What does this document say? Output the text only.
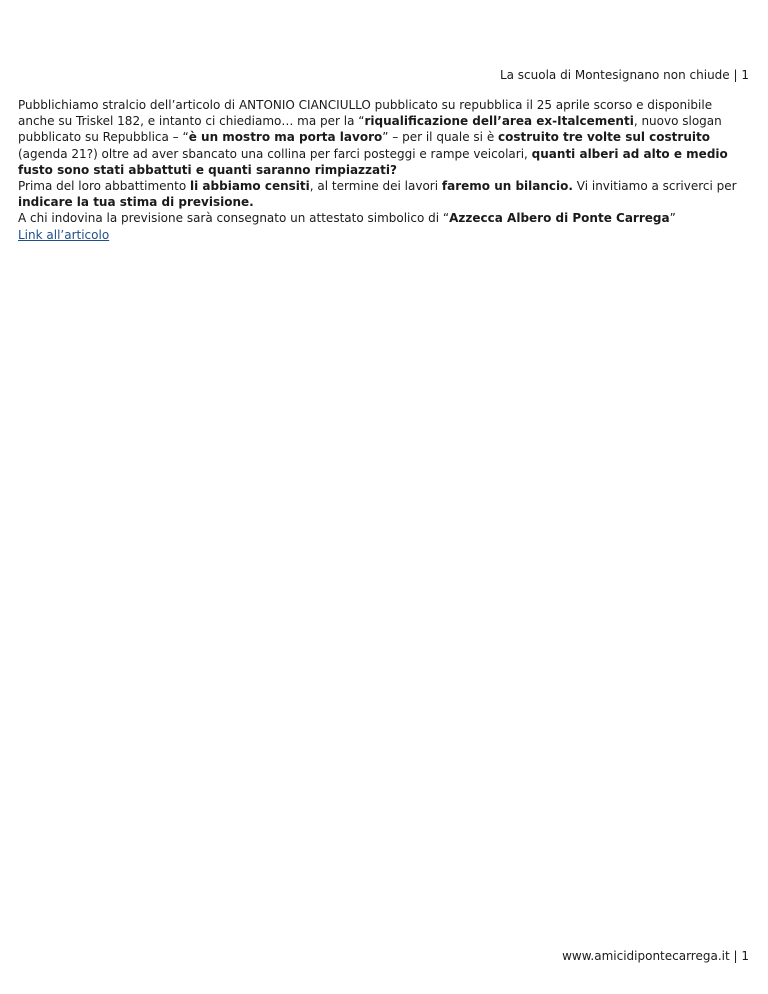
La scuola di Montesignano non chiude | 1

Pubblichiamo stralcio dell’articolo di ANTONIO CIANCIULLO pubblicato su repubblica il 25 aprile scorso e disponibile anche su Triskel 182, e intanto ci chiediamo… ma per la “riqualificazione dell’area ex-Italcementi, nuovo slogan pubblicato su Repubblica – “è un mostro ma porta lavoro” – per il quale si è costruito tre volte sul costruito (agenda 21?) oltre ad aver sbancato una collina per farci posteggi e rampe veicolari, quanti alberi ad alto e medio fusto sono stati abbattuti e quanti saranno rimpiazzati?

Prima del loro abbattimento li abbiamo censiti, al termine dei lavori faremo un bilancio. Vi invitiamo a scriverci per indicare la tua stima di previsione.

A chi indovina la previsione sarà consegnato un attestato simbolico di “Azzecca Albero di Ponte Carrega”

Link all’articolo

www.amicidipontecarrega.it | 1
